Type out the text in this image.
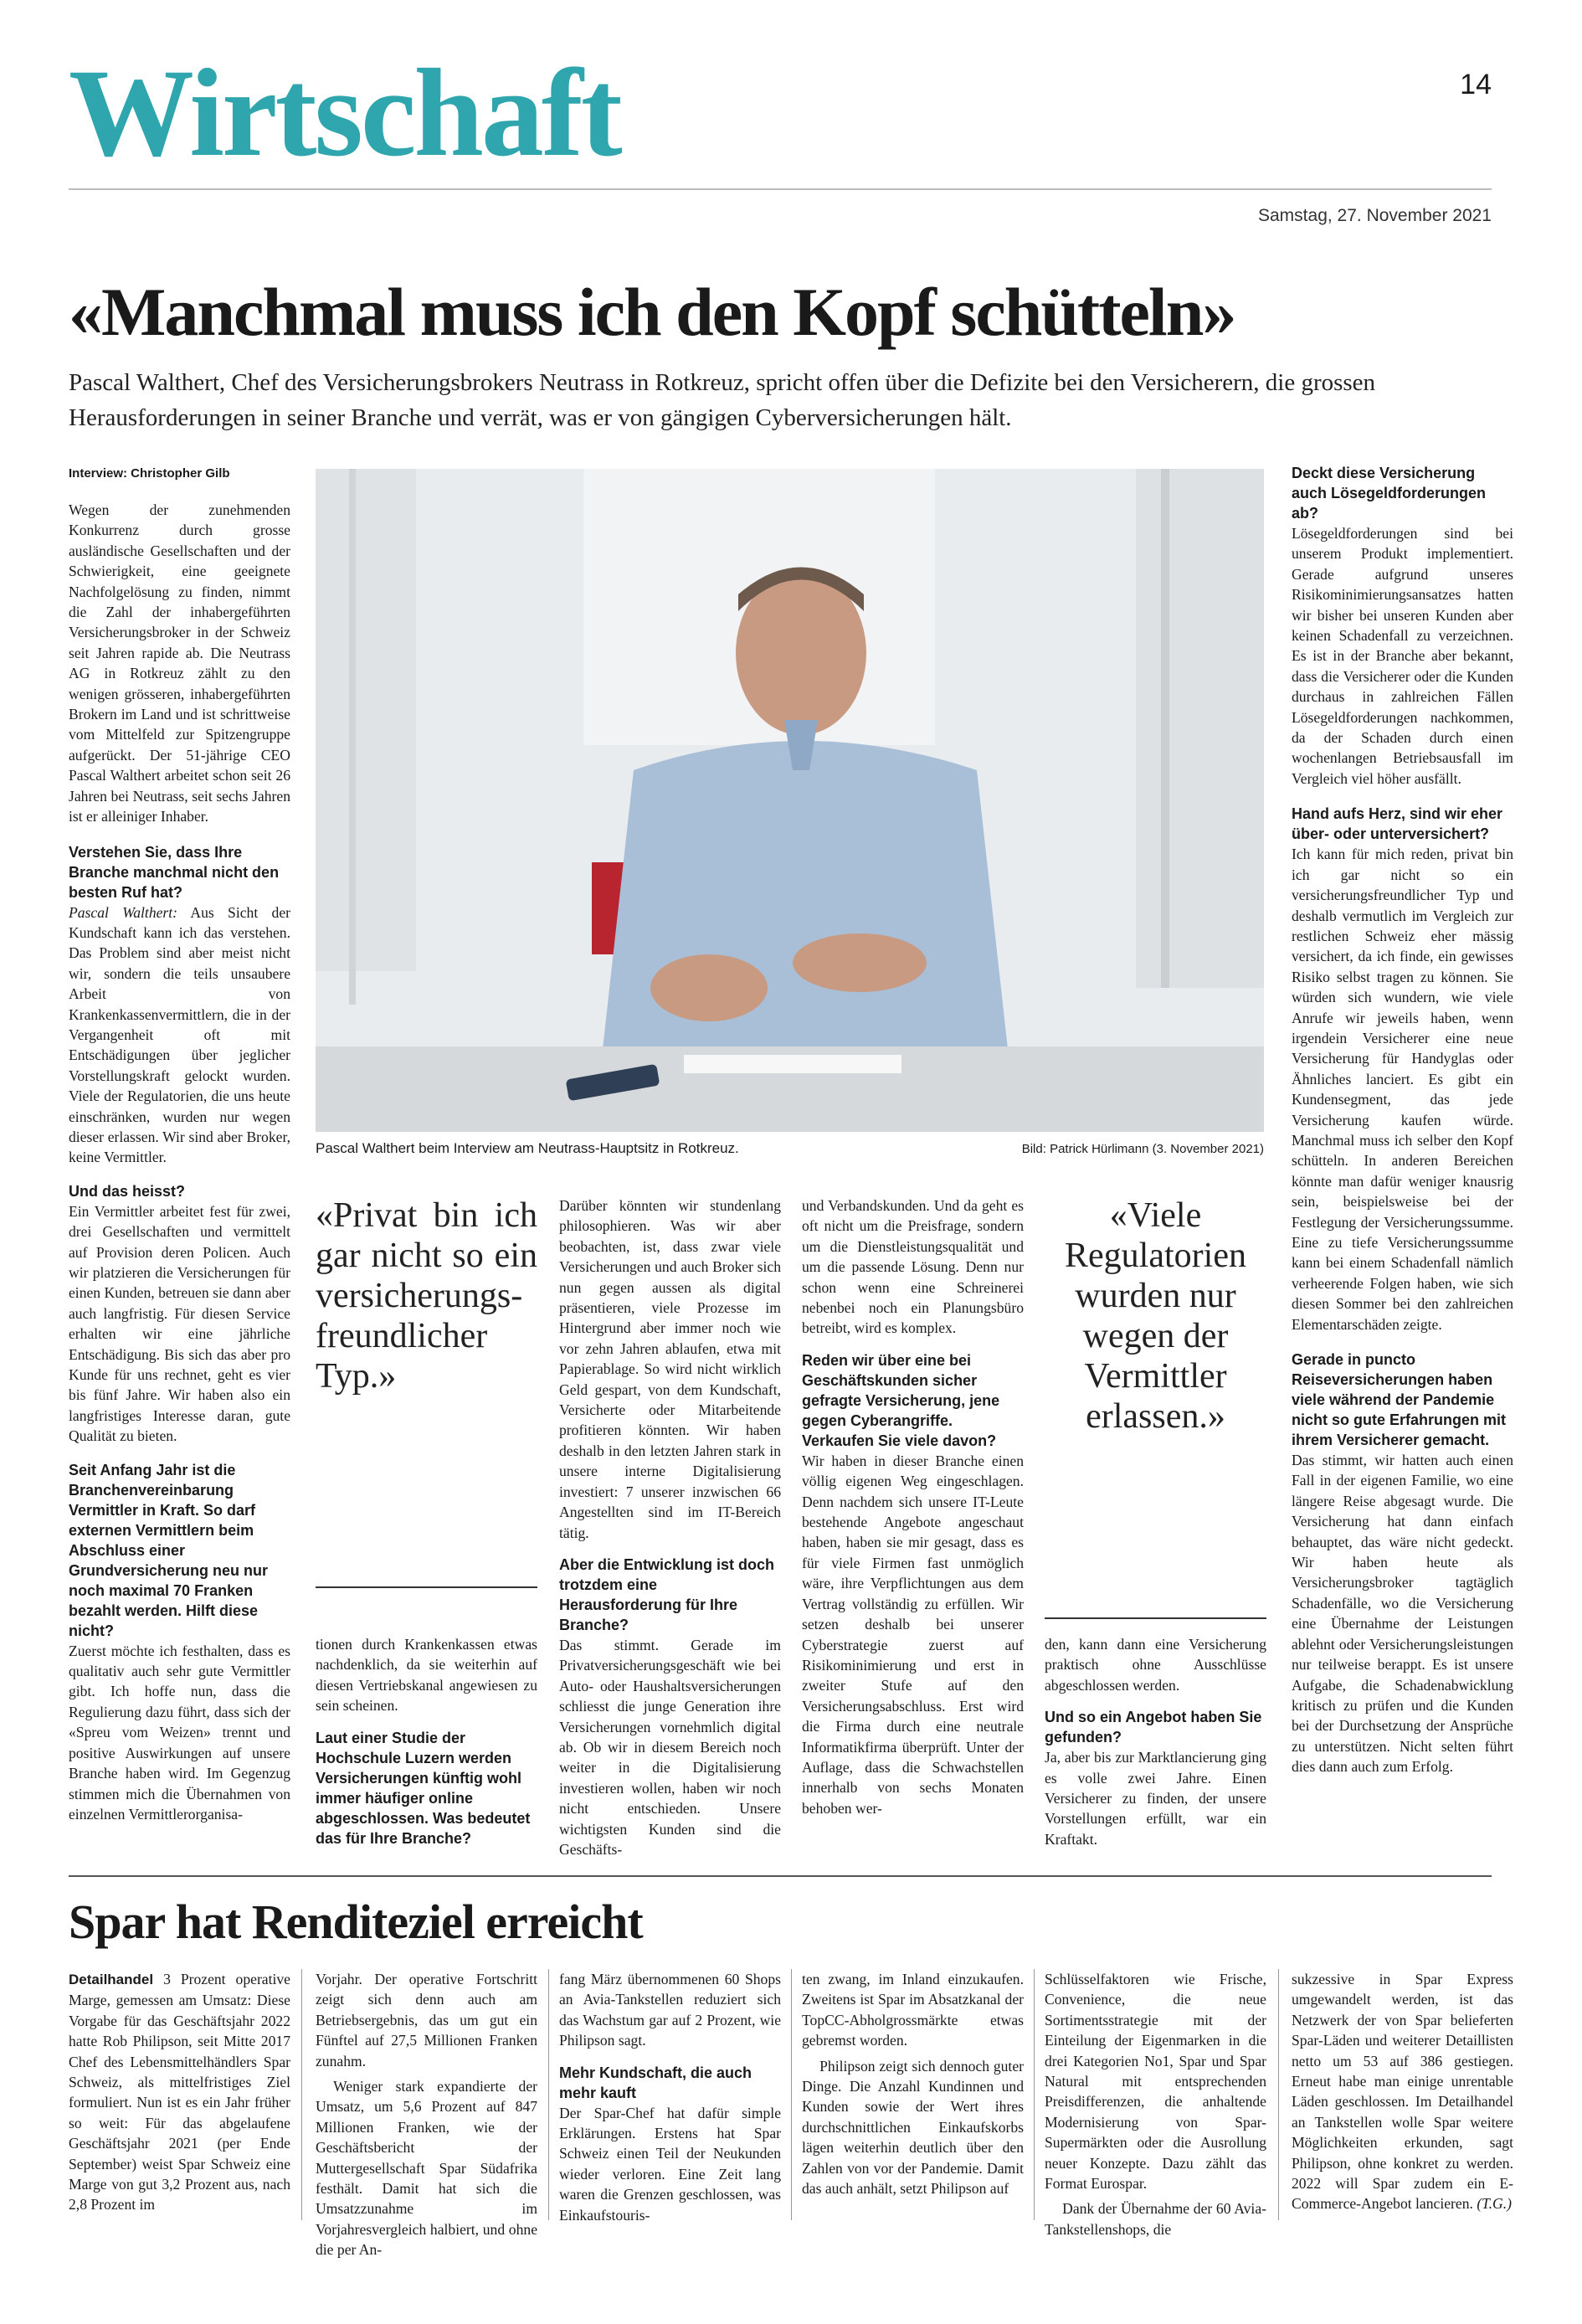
Wirtschaft	14
Samstag, 27. November 2021
«Manchmal muss ich den Kopf schütteln»
Pascal Walthert, Chef des Versicherungsbrokers Neutrass in Rotkreuz, spricht offen über die Defizite bei den Versicherern, die grossen Herausforderungen in seiner Branche und verrät, was er von gängigen Cyberversicherungen hält.

Interview: Christopher Gilb

Wegen der zunehmenden Konkurrenz durch grosse ausländische Gesellschaften und der Schwierigkeit, eine geeignete Nachfolgelösung zu finden, nimmt die Zahl der inhabergeführten Versicherungsbroker in der Schweiz seit Jahren rapide ab. Die Neutrass AG in Rotkreuz zählt zu den wenigen grösseren, inhabergeführten Brokern im Land und ist schrittweise vom Mittelfeld zur Spitzengruppe aufgerückt. Der 51-jährige CEO Pascal Walthert arbeitet schon seit 26 Jahren bei Neutrass, seit sechs Jahren ist er alleiniger Inhaber.

Verstehen Sie, dass Ihre Branche manchmal nicht den besten Ruf hat?

Pascal Walthert: Aus Sicht der Kundschaft kann ich das verstehen. Das Problem sind aber meist nicht wir, sondern die teils unsaubere Arbeit von Krankenkassenvermittlern, die in der Vergangenheit oft mit Entschädigungen über jeglicher Vorstellungskraft gelockt wurden. Viele der Regulatorien, die uns heute einschränken, wurden nur wegen dieser erlassen. Wir sind aber Broker, keine Vermittler.

Und das heisst?

Ein Vermittler arbeitet fest für zwei, drei Gesellschaften und vermittelt auf Provision deren Policen. Auch wir platzieren die Versicherungen für einen Kunden, betreuen sie dann aber auch langfristig. Für diesen Service erhalten wir eine jährliche Entschädigung. Bis sich das aber pro Kunde für uns rechnet, geht es vier bis fünf Jahre. Wir haben also ein langfristiges Interesse daran, gute Qualität zu bieten.

Seit Anfang Jahr ist die Branchenvereinbarung Vermittler in Kraft. So darf externen Vermittlern beim Abschluss einer Grundversicherung neu nur noch maximal 70 Franken bezahlt werden. Hilft diese nicht?

Zuerst möchte ich festhalten, dass es qualitativ auch sehr gute Vermittler gibt. Ich hoffe nun, dass die Regulierung dazu führt, dass sich der «Spreu vom Weizen» trennt und positive Auswirkungen auf unsere Branche haben wird. Im Gegenzug stimmen mich die Übernahmen von einzelnen Vermittlerorganisa-

Pascal Walthert beim Interview am Neutrass-Hauptsitz in Rotkreuz.	Bild: Patrick Hürlimann (3. November 2021)
«Privat bin ich gar nicht so ein versicherungsfreundlicher Typ.»

tionen durch Krankenkassen etwas nachdenklich, da sie weiterhin auf diesen Vertriebskanal angewiesen zu sein scheinen.

Laut einer Studie der Hochschule Luzern werden Versicherungen künftig wohl immer häufiger online abgeschlossen. Was bedeutet das für Ihre Branche?

Darüber könnten wir stundenlang philosophieren. Was wir aber beobachten, ist, dass zwar viele Versicherungen und auch Broker sich nun gegen aussen als digital präsentieren, viele Prozesse im Hintergrund aber immer noch wie vor zehn Jahren ablaufen, etwa mit Papierablage. So wird nicht wirklich Geld gespart, von dem Kundschaft, Versicherte oder Mitarbeitende profitieren könnten. Wir haben deshalb in den letzten Jahren stark in unsere interne Digitalisierung investiert: 7 unserer inzwischen 66 Angestellten sind im IT-Bereich tätig.

Aber die Entwicklung ist doch trotzdem eine Herausforderung für Ihre Branche?

Das stimmt. Gerade im Privatversicherungsgeschäft wie bei Auto- oder Haushaltsversicherungen schliesst die junge Generation ihre Versicherungen vornehmlich digital ab. Ob wir in diesem Bereich noch weiter in die Digitalisierung investieren wollen, haben wir noch nicht entschieden. Unsere wichtigsten Kunden sind die Geschäfts-

und Verbandskunden. Und da geht es oft nicht um die Preisfrage, sondern um die Dienstleistungsqualität und um die passende Lösung. Denn nur schon wenn eine Schreinerei nebenbei noch ein Planungsbüro betreibt, wird es komplex.

Reden wir über eine bei Geschäftskunden sicher gefragte Versicherung, jene gegen Cyberangriffe. Verkaufen Sie viele davon?

Wir haben in dieser Branche einen völlig eigenen Weg eingeschlagen. Denn nachdem sich unsere IT-Leute bestehende Angebote angeschaut haben, haben sie mir gesagt, dass es für viele Firmen fast unmöglich wäre, ihre Verpflichtungen aus dem Vertrag vollständig zu erfüllen. Wir setzen deshalb bei unserer Cyberstrategie zuerst auf Risikominimierung und erst in zweiter Stufe auf den Versicherungsabschluss. Erst wird die Firma durch eine neutrale Informatikfirma überprüft. Unter der Auflage, dass die Schwachstellen innerhalb von sechs Monaten behoben wer-

«Viele Regulatorien wurden nur wegen der Vermittler erlassen.»

den, kann dann eine Versicherung praktisch ohne Ausschlüsse abgeschlossen werden.

Und so ein Angebot haben Sie gefunden?

Ja, aber bis zur Marktlancierung ging es volle zwei Jahre. Einen Versicherer zu finden, der unsere Vorstellungen erfüllt, war ein Kraftakt.

Deckt diese Versicherung auch Lösegeldforderungen ab?

Lösegeldforderungen sind bei unserem Produkt implementiert. Gerade aufgrund unseres Risikominimierungsansatzes hatten wir bisher bei unseren Kunden aber keinen Schadenfall zu verzeichnen. Es ist in der Branche aber bekannt, dass die Versicherer oder die Kunden durchaus in zahlreichen Fällen Lösegeldforderungen nachkommen, da der Schaden durch einen wochenlangen Betriebsausfall im Vergleich viel höher ausfällt.

Hand aufs Herz, sind wir eher über- oder unterversichert?

Ich kann für mich reden, privat bin ich gar nicht so ein versicherungsfreundlicher Typ und deshalb vermutlich im Vergleich zur restlichen Schweiz eher mässig versichert, da ich finde, ein gewisses Risiko selbst tragen zu können. Sie würden sich wundern, wie viele Anrufe wir jeweils haben, wenn irgendein Versicherer eine neue Versicherung für Handyglas oder Ähnliches lanciert. Es gibt ein Kundensegment, das jede Versicherung kaufen würde. Manchmal muss ich selber den Kopf schütteln. In anderen Bereichen könnte man dafür weniger knausrig sein, beispielsweise bei der Festlegung der Versicherungssumme. Eine zu tiefe Versicherungssumme kann bei einem Schadenfall nämlich verheerende Folgen haben, wie sich diesen Sommer bei den zahlreichen Elementarschäden zeigte.

Gerade in puncto Reiseversicherungen haben viele während der Pandemie nicht so gute Erfahrungen mit ihrem Versicherer gemacht.

Das stimmt, wir hatten auch einen Fall in der eigenen Familie, wo eine längere Reise abgesagt wurde. Die Versicherung hat dann einfach behauptet, das wäre nicht gedeckt. Wir haben heute als Versicherungsbroker tagtäglich Schadenfälle, wo die Versicherung eine Übernahme der Leistungen ablehnt oder Versicherungsleistungen nur teilweise berappt. Es ist unsere Aufgabe, die Schadenabwicklung kritisch zu prüfen und die Kunden bei der Durchsetzung der Ansprüche zu unterstützen. Nicht selten führt dies dann auch zum Erfolg.

Spar hat Renditeziel erreicht

Detailhandel 3 Prozent operative Marge, gemessen am Umsatz: Diese Vorgabe für das Geschäftsjahr 2022 hatte Rob Philipson, seit Mitte 2017 Chef des Lebensmittelhändlers Spar Schweiz, als mittelfristiges Ziel formuliert. Nun ist es ein Jahr früher so weit: Für das abgelaufene Geschäftsjahr 2021 (per Ende September) weist Spar Schweiz eine Marge von gut 3,2 Prozent aus, nach 2,8 Prozent im

Vorjahr. Der operative Fortschritt zeigt sich denn auch am Betriebsergebnis, das um gut ein Fünftel auf 27,5 Millionen Franken zunahm.

Weniger stark expandierte der Umsatz, um 5,6 Prozent auf 847 Millionen Franken, wie der Geschäftsbericht der Muttergesellschaft Spar Südafrika festhält. Damit hat sich die Umsatzzunahme im Vorjahresvergleich halbiert, und ohne die per An-

fang März übernommenen 60 Shops an Avia-Tankstellen reduziert sich das Wachstum gar auf 2 Prozent, wie Philipson sagt.

Mehr Kundschaft, die auch mehr kauft

Der Spar-Chef hat dafür simple Erklärungen. Erstens hat Spar Schweiz einen Teil der Neukunden wieder verloren. Eine Zeit lang waren die Grenzen geschlossen, was Einkaufstouris-

ten zwang, im Inland einzukaufen. Zweitens ist Spar im Absatzkanal der TopCC-Abholgrossmärkte etwas gebremst worden.

Philipson zeigt sich dennoch guter Dinge. Die Anzahl Kundinnen und Kunden sowie der Wert ihres durchschnittlichen Einkaufskorbs lägen weiterhin deutlich über den Zahlen von vor der Pandemie. Damit das auch anhält, setzt Philipson auf

Schlüsselfaktoren wie Frische, Convenience, die neue Sortimentsstrategie mit der Einteilung der Eigenmarken in die drei Kategorien No1, Spar und Spar Natural mit entsprechenden Preisdifferenzen, die anhaltende Modernisierung von Spar-Supermärkten oder die Ausrollung neuer Konzepte. Dazu zählt das Format Eurospar.

Dank der Übernahme der 60 Avia-Tankstellenshops, die

sukzessive in Spar Express umgewandelt werden, ist das Netzwerk der von Spar belieferten Spar-Läden und weiterer Detaillisten netto um 53 auf 386 gestiegen. Erneut habe man einige unrentable Läden geschlossen. Im Detailhandel an Tankstellen wolle Spar weitere Möglichkeiten erkunden, sagt Philipson, ohne konkret zu werden. 2022 will Spar zudem ein E-Commerce-Angebot lancieren. (T.G.)
